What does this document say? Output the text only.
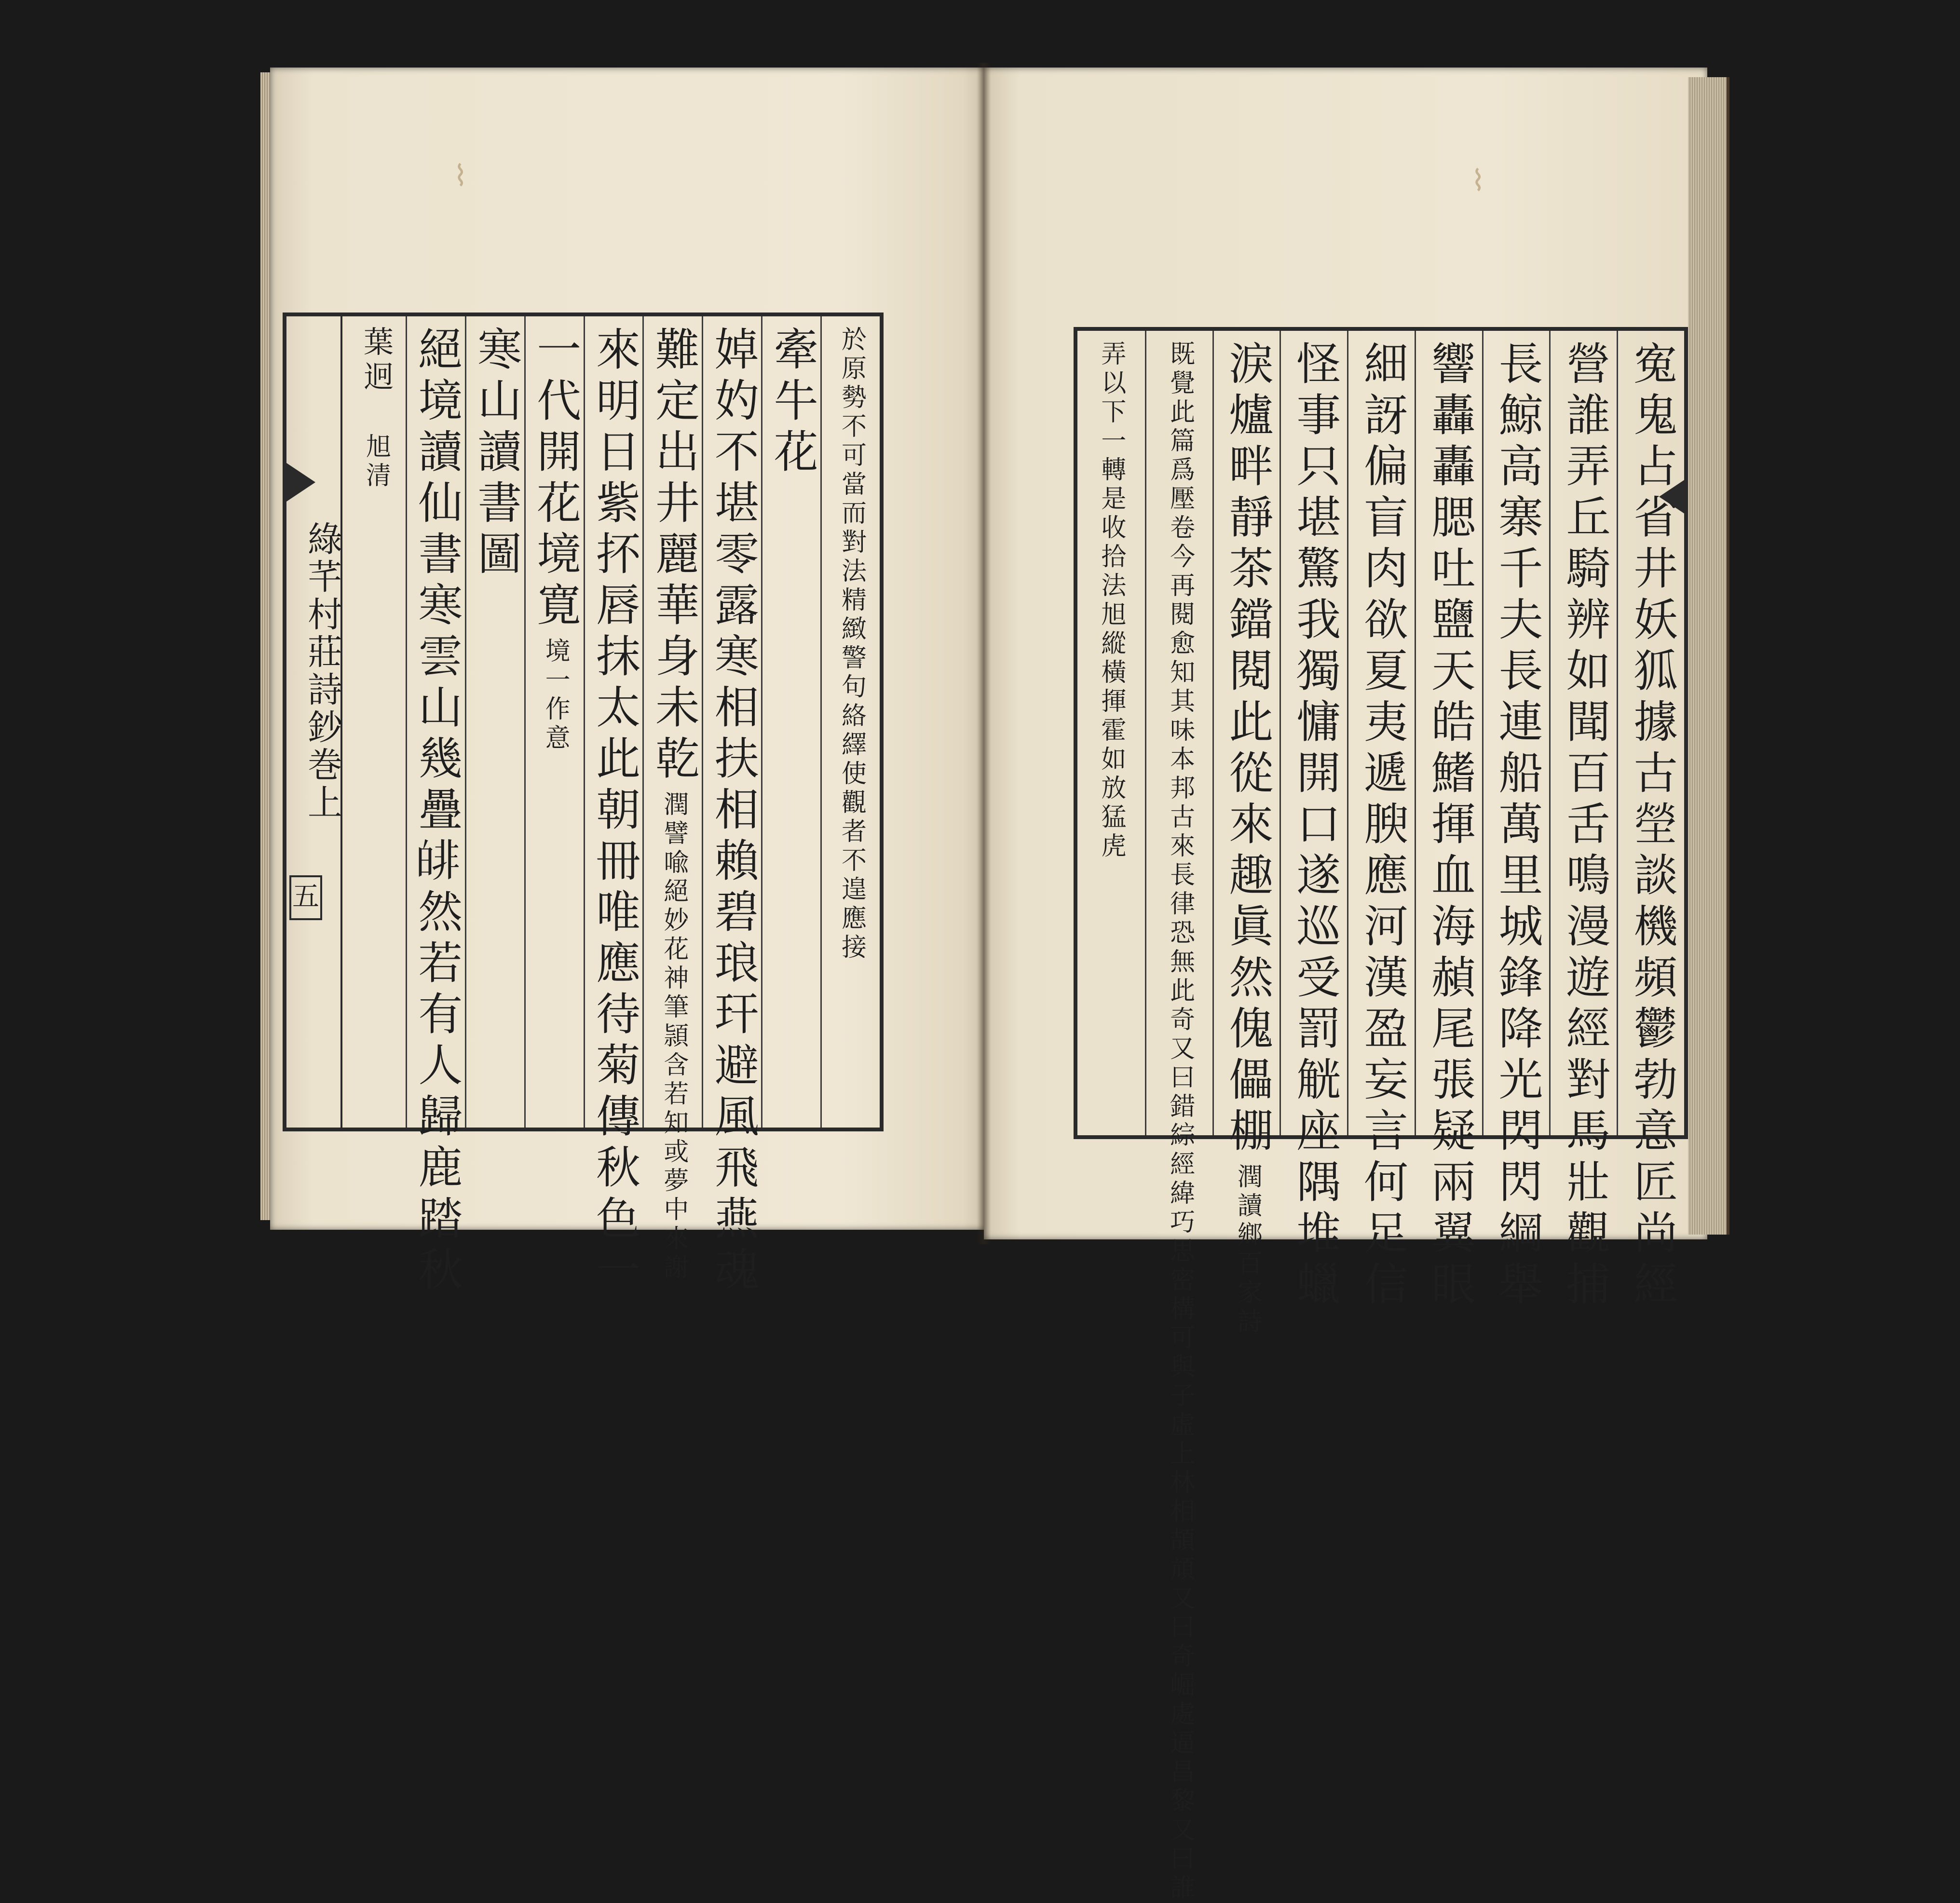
⌇	⌇
葉迥
旭清 絕境讀仙書寒雲山幾疊𤾅然若有人歸鹿踏秋 寒山讀書圖 一代開花境寛
境一作意 來明日紫抔唇抹太此朝冊唯應待菊傳秋色一 難定出井麗華身未乾
潤譬喩絕妙花神筆頴含若知或夢中來謝 婥妁不堪零露寒相扶相賴碧琅玕避風飛燕魂 牽牛花 於原勢不可當而對法精緻警句絡繹使觀者不遑應接
綠芊村莊詩鈔巻上
五
弄以下一轉是收拾法旭縱橫揮霍如放猛虎 既覺此篇爲壓卷今再閱愈知其味本邦古來長律恐無此奇又曰錯綜經緯巧思密構可與子虛上林相頡頏又曰奇崛處逼昌黎又曰誰 淚爐畔靜茶鐺閱此從來趣眞然傀儡棚
潤讀鄉百家詩 怪事只堪驚我獨慵開口遂巡受罰觥座隅堆蠟 細訝偏盲肉欲夏夷遞腴應河漢盈妄言何足信 響轟轟腮吐鹽天皓鰭揮血海赬尾張疑兩翼眼 長鯨高寨千夫長連船萬里城鋒降光閃閃綱舉 營誰弄丘騎辨如聞百舌鳴漫遊經對馬壯觀捕 寃鬼占省井妖狐據古塋談機頻鬱勃意匠尚經
